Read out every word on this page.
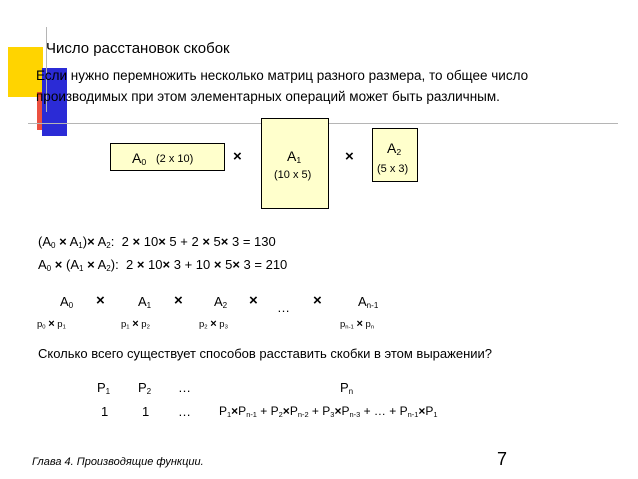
Число расстановок скобок
Если нужно перемножить несколько матриц разного размера, то общее число производимых при этом элементарных операций может быть различным.
$A_0$ (2 x 10)	×	$A_1$
(10 x 5)
× $A_2$
(5 x 3)
$(A_0 \times A_1)\times A_2$: 2 × 10× 5 + 2 × 5× 3 = 130
$A_0 \times (A_1 \times A_2)$: 2 × 10× 3 + 10 × 5× 3 = 210
$A_0$ ×	$A_1 \times A_2$ × … ×	$A_{n-1}$
$p_0 \times p_1$	$p_1 \times p_2$	$p_2 \times p_3$	$p_{n-1} \times p_n$
Сколько всего существует способов расставить скобки в этом выражении?
$P_1$ $P_2$ …	$P_n$
1	1 … $P_1\times P_{n-1} + P_2\times P_{n-2} + P_3\times P_{n-3}$ + … + $P_{n-1}\times P_1$
7
Глава 4. Производящие функции.
